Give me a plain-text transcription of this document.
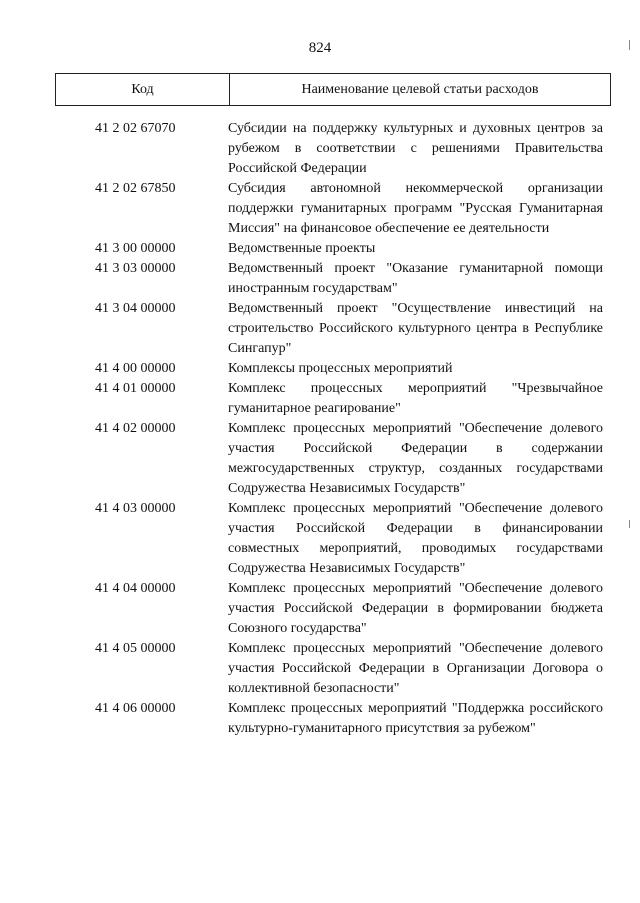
824
Код	Наименование целевой статьи расходов
41 2 02 67070	Субсидии на поддержку культурных и духовных центров за рубежом в соответствии с решениями Правительства Российской Федерации
41 2 02 67850	Субсидия автономной некоммерческой организации поддержки гуманитарных программ "Русская Гуманитарная Миссия" на финансовое обеспечение ее деятельности
41 3 00 00000	Ведомственные проекты
41 3 03 00000	Ведомственный проект "Оказание гуманитарной помощи иностранным государствам"
41 3 04 00000	Ведомственный проект "Осуществление инвестиций на строительство Российского культурного центра в Республике Сингапур"
41 4 00 00000	Комплексы процессных мероприятий
41 4 01 00000	Комплекс процессных мероприятий "Чрезвычайное гуманитарное реагирование"
41 4 02 00000	Комплекс процессных мероприятий "Обеспечение долевого участия Российской Федерации в содержании межгосударственных структур, созданных государствами Содружества Независимых Государств"
41 4 03 00000	Комплекс процессных мероприятий "Обеспечение долевого участия Российской Федерации в финансировании совместных мероприятий, проводимых государствами Содружества Независимых Государств"
41 4 04 00000	Комплекс процессных мероприятий "Обеспечение долевого участия Российской Федерации в формировании бюджета Союзного государства"
41 4 05 00000	Комплекс процессных мероприятий "Обеспечение долевого участия Российской Федерации в Организации Договора о коллективной безопасности"
41 4 06 00000	Комплекс процессных мероприятий "Поддержка российского культурно-гуманитарного присутствия за рубежом"
